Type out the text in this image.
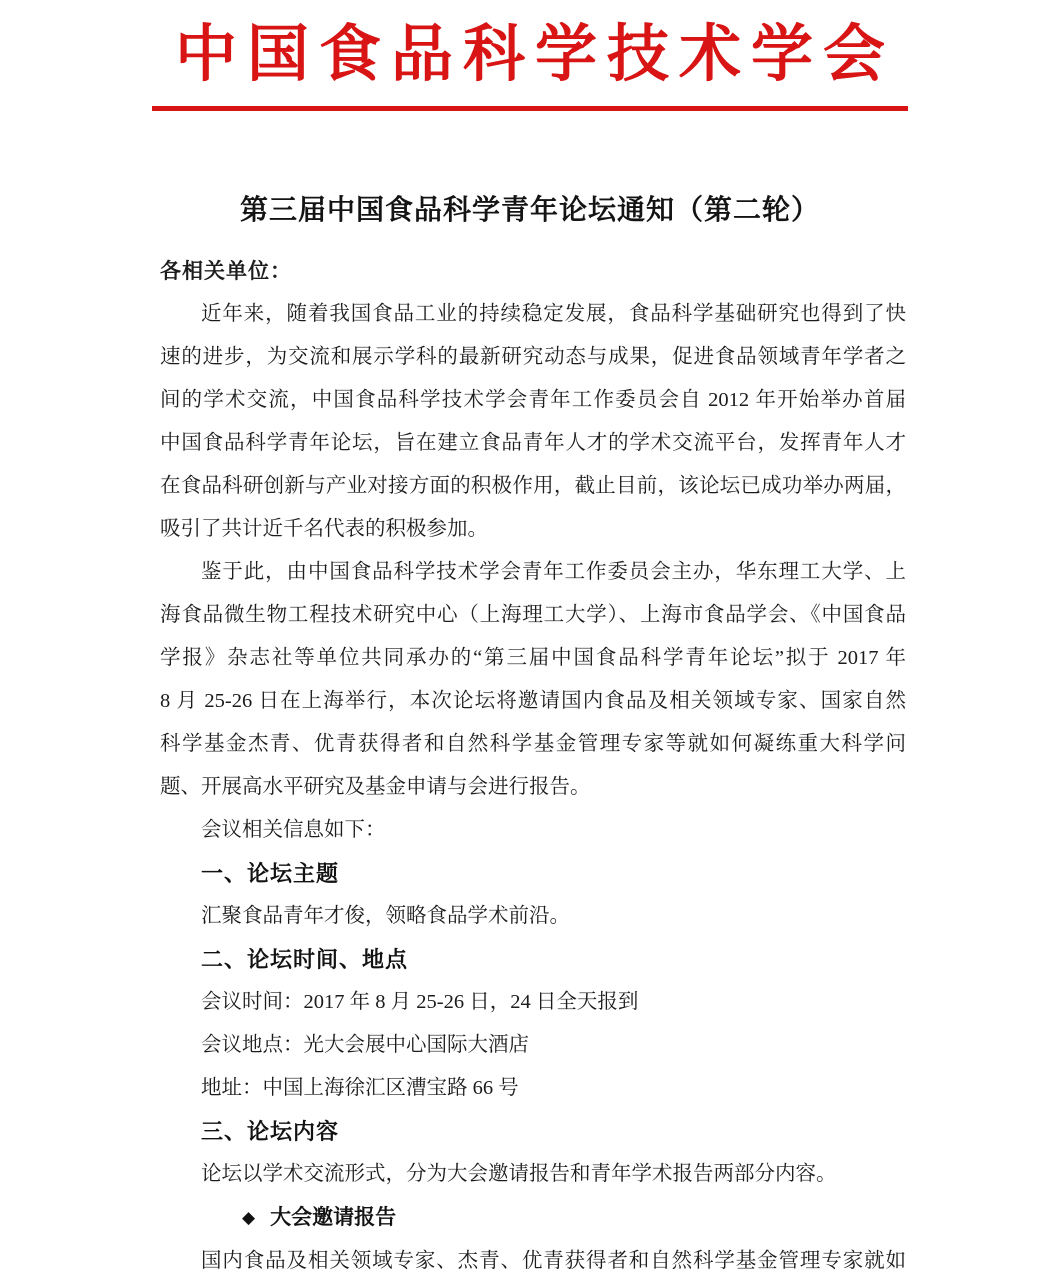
中国食品科学技术学会
第三届中国食品科学青年论坛通知（第二轮）
各相关单位：
近年来，随着我国食品工业的持续稳定发展，食品科学基础研究也得到了快
速的进步，为交流和展示学科的最新研究动态与成果，促进食品领域青年学者之
间的学术交流，中国食品科学技术学会青年工作委员会自 2012 年开始举办首届
中国食品科学青年论坛，旨在建立食品青年人才的学术交流平台，发挥青年人才
在食品科研创新与产业对接方面的积极作用，截止目前，该论坛已成功举办两届，
吸引了共计近千名代表的积极参加。
鉴于此，由中国食品科学技术学会青年工作委员会主办，华东理工大学、上
海食品微生物工程技术研究中心（上海理工大学）、上海市食品学会、《中国食品
学报》杂志社等单位共同承办的“第三届中国食品科学青年论坛”拟于 2017 年
8 月 25-26 日在上海举行，本次论坛将邀请国内食品及相关领域专家、国家自然
科学基金杰青、优青获得者和自然科学基金管理专家等就如何凝练重大科学问
题、开展高水平研究及基金申请与会进行报告。
会议相关信息如下：
一、论坛主题
汇聚食品青年才俊，领略食品学术前沿。
二、论坛时间、地点
会议时间：2017 年 8 月 25-26 日，24 日全天报到
会议地点：光大会展中心国际大酒店
地址：中国上海徐汇区漕宝路 66 号
三、论坛内容
论坛以学术交流形式，分为大会邀请报告和青年学术报告两部分内容。
◆ 大会邀请报告
国内食品及相关领域专家、杰青、优青获得者和自然科学基金管理专家就如
